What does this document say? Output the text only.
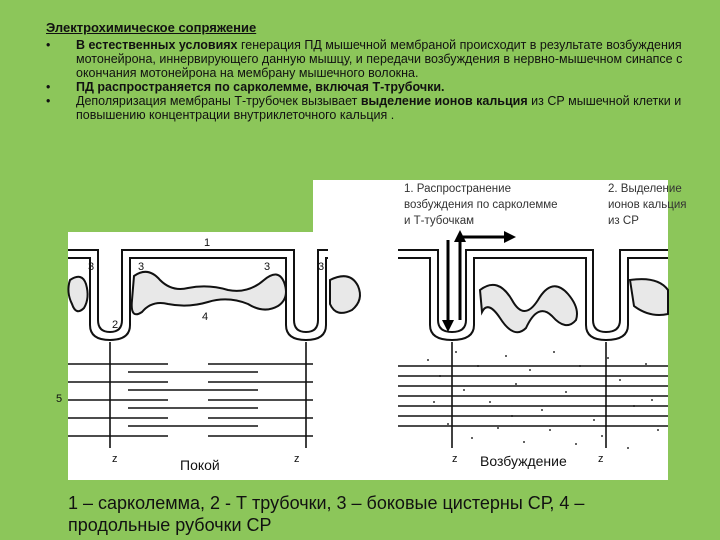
Электрохимическое сопряжение
• В естественных условиях генерация ПД мышечной мембраной происходит в результате возбуждения мотонейрона, иннервирующего данную мышцу, и передачи возбуждения в нервно-мышечном синапсе с окончания мотонейрона на мембрану мышечного волокна.
• ПД распространяется по сарколемме, включая Т-трубочки.
• Деполяризация мембраны Т-трубочек вызывает выделение ионов кальция из СР мышечной клетки и повышению концентрации внутриклеточного кальция .
1
3	3	3	3
2
4
5
z	z	z	z
1. Распространение
возбуждения по сарколемме
и Т-тубочкам
2. Выделение
ионов кальция
из СР
Покой	Возбуждение
1 – сарколемма, 2 - Т трубочки, 3 – боковые цистерны СР, 4 – продольные рубочки СР
